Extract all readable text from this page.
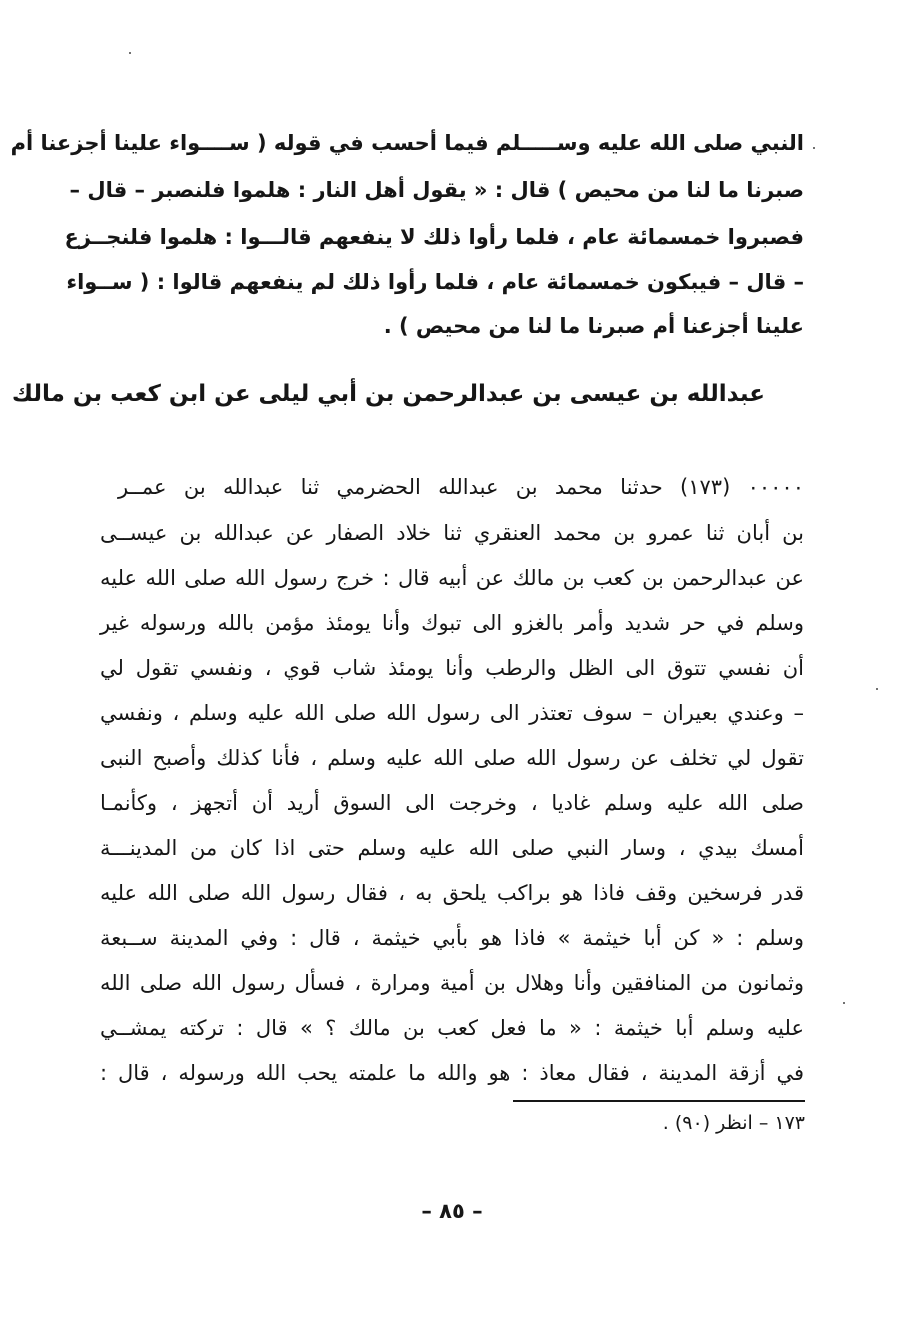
النبي صلى الله عليه وســـــلم فيما أحسب في قوله ( ســــواء علينا أجزعنا أم
صبرنا ما لنا من محيص ) قال : « يقول أهل النار : هلموا فلنصبر – قال –
فصبروا خمسمائة عام ، فلما رأوا ذلك لا ينفعهم قالـــوا : هلموا فلنجــزع
– قال – فيبكون خمسمائة عام ، فلما رأوا ذلك لم ينفعهم قالوا : ( ســواء
علينا أجزعنا أم صبرنا ما لنا من محيص ) .
عبدالله بن عيسى بن عبدالرحمن بن أبي ليلى عن ابن كعب بن مالك
٠٠٠٠٠ (١٧٣) حدثنا محمد بن عبدالله الحضرمي ثنا عبدالله بن عمــر
بن أبان ثنا عمرو بن محمد العنقري ثنا خلاد الصفار عن عبدالله بن عيســى
عن عبدالرحمن بن كعب بن مالك عن أبيه قال : خرج رسول الله صلى الله عليه
وسلم في حر شديد وأمر بالغزو الى تبوك وأنا يومئذ مؤمن بالله ورسوله غير
أن نفسي تتوق الى الظل والرطب وأنا يومئذ شاب قوي ، ونفسي تقول لي
– وعندي بعيران – سوف تعتذر الى رسول الله صلى الله عليه وسلم ، ونفسي
تقول لي تخلف عن رسول الله صلى الله عليه وسلم ، فأنا كذلك وأصبح النبى
صلى الله عليه وسلم غاديا ، وخرجت الى السوق أريد أن أتجهز ، وكأنمـا
أمسك بيدي ، وسار النبي صلى الله عليه وسلم حتى اذا كان من المدينـــة
قدر فرسخين وقف فاذا هو براكب يلحق به ، فقال رسول الله صلى الله عليه
وسلم : « كن أبا خيثمة » فاذا هو بأبي خيثمة ، قال : وفي المدينة ســبعة
وثمانون من المنافقين وأنا وهلال بن أمية ومرارة ، فسأل رسول الله صلى الله
عليه وسلم أبا خيثمة : « ما فعل كعب بن مالك ؟ » قال : تركته يمشــي
في أزقة المدينة ، فقال معاذ : هو والله ما علمته يحب الله ورسوله ، قال :
١٧٣ – انظر (٩٠) .
– ٨٥ –
